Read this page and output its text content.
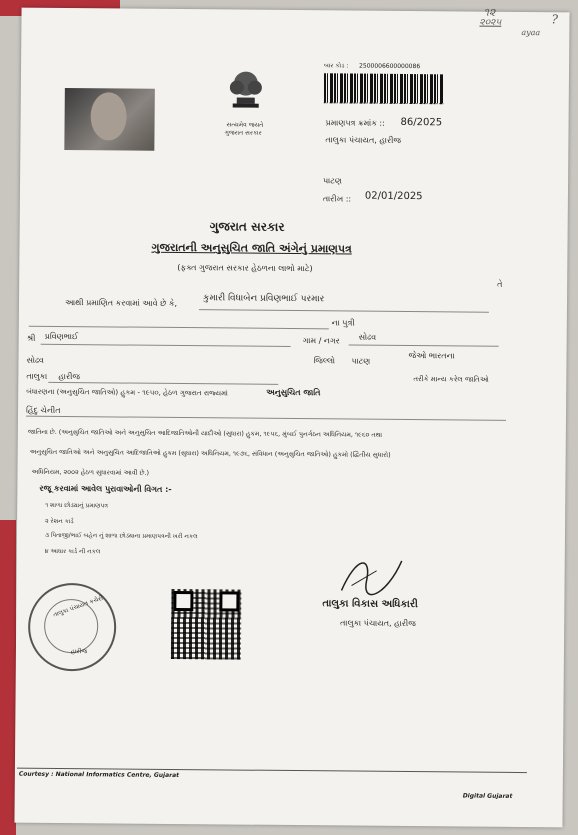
૧૨
૨૦૨૫	?
ayaa
સત્યમેવ જયતે
ગુજરાત સરકાર
બાર કોડ : 2500006600000086
પ્રમાણપત્ર ક્રમાંક :: 86/2025
તાલુકા પંચાયત, હારીજ
પાટણ
તારીખ :: 02/01/2025
ગુજરાત સરકાર
ગુજરાતની અનુસુચિત જાતિ અંગેનું પ્રમાણપત્ર
(ફક્ત ગુજરાત સરકાર હેઠળના લાભો માટે)
આથી પ્રમાણિત કરવામાં આવે છે કે,	કુમારી વિધાબેન પ્રવિણભાઈ પરમાર
તે
ના પુત્રી
શ્રી પ્રવિણભાઈ	ગામ / નગર સોઢવ
સોઢવ
તાલુકા હારીજ
જિલ્લો પાટણ
જેઓ ભારતના
બંધારણના (અનુસુચિત જાતિઓ) હુકમ - ૧૯૫૦, હેઠળ ગુજરાત રાજ્યમાં	અનુસુચિત જાતિ
તરીકે માન્ય કરેલ જાતિઓ
હિંદુ ચેનીત
જાતિના છે. (અનુસુચિત જાતિઓ અને અનુસુચિત આદિજાતિઓની યાદીઓ (સુધારા) હુકમ, ૧૯૫૬, મુંબઈ પુનર્ગઠન અધિનિયમ, ૧૯૬૦ તથા
અનુસુચિત જાતિઓ અને અનુસુચિત આદિજાતિઓ હુકમ (સુધારા) અધિનિયમ, ૧૯૭૬, સંવિધાન (અનુસુચિત જાતિઓ) હુકમો (દ્વિતીય સુધારો)
અધિનિયમ, ૨૦૦૨ હેઠળ સુધારવામાં આવી છે.)
રજૂ કરવામાં આવેલ પુરાવાઓની વિગત :-
૧ શાળા છોડ્યાનું પ્રમાણપત્ર
૨ રેશન કાર્ડ
૩ પિતાજી/ભાઈ બહેન નું શાળા છોડ્યાના પ્રમાણપત્રની ખરી નકલ
૪ આધાર કાર્ડ ની નકલ
તાલુકા પંચાયત કચેરી
હારીજ
તાલુકા વિકાસ અધિકારી
તાલુકા પંચાયત, હારીજ
Courtesy : National Informatics Centre, Gujarat
Digital Gujarat
